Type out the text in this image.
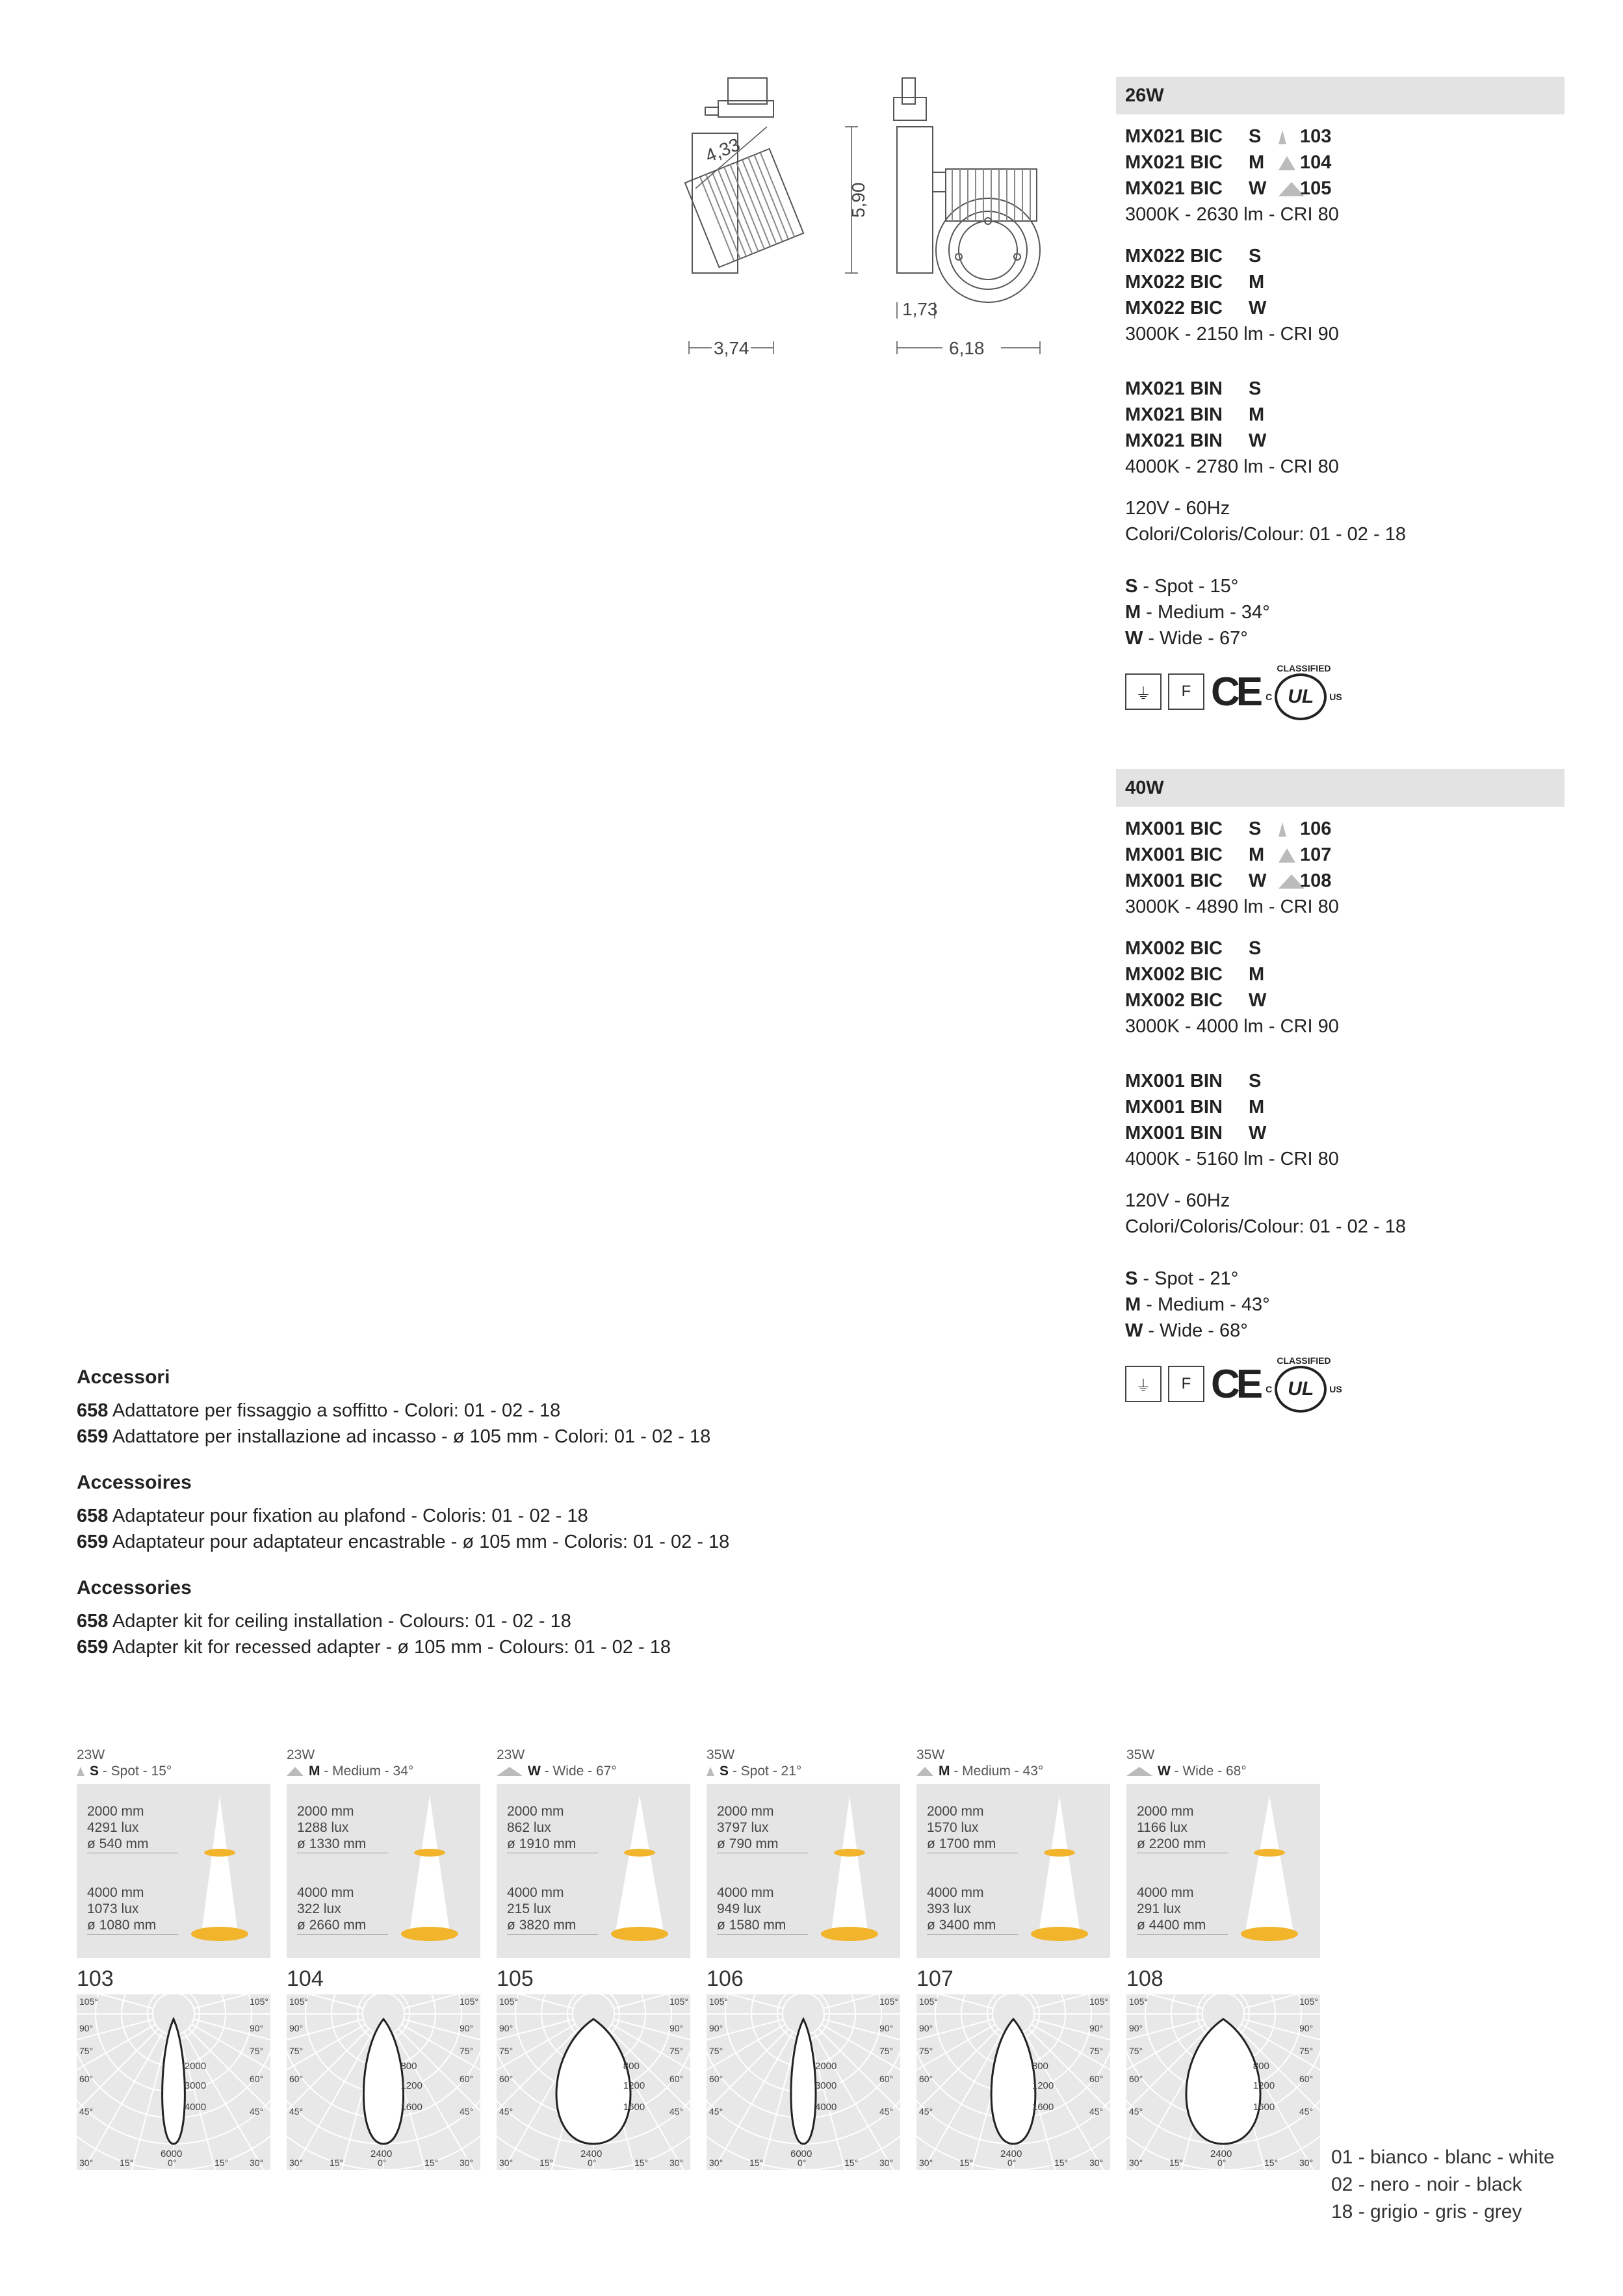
4,33
3,74
5,90
1,73
6,18
26W
MX021 BIC S 103
MX021 BIC M 104
MX021 BIC W 105
3000K - 2630 lm - CRI 80
MX022 BIC S
MX022 BIC M
MX022 BIC W
3000K - 2150 lm - CRI 90
MX021 BIN S
MX021 BIN M
MX021 BIN W
4000K - 2780 lm - CRI 80
120V - 60Hz
Colori/Coloris/Colour: 01 - 02 - 18
S - Spot - 15°
M - Medium - 34°
W - Wide - 67°
⏚	F CE
CLASSIFIED
C UL	US
40W
MX001 BIC S 106
MX001 BIC M 107
MX001 BIC W 108
3000K - 4890 lm - CRI 80
MX002 BIC S
MX002 BIC M
MX002 BIC W
3000K - 4000 lm - CRI 90
MX001 BIN S
MX001 BIN M
MX001 BIN W
4000K - 5160 lm - CRI 80
120V - 60Hz
Colori/Coloris/Colour: 01 - 02 - 18
S - Spot - 21°
M - Medium - 43°
W - Wide - 68°
⏚	F CE
CLASSIFIED
C UL	US
Accessori
658 Adattatore per fissaggio a soffitto - Colori: 01 - 02 - 18
659 Adattatore per installazione ad incasso - ø 105 mm - Colori: 01 - 02 - 18
Accessoires
658 Adaptateur pour fixation au plafond - Coloris: 01 - 02 - 18
659 Adaptateur pour adaptateur encastrable - ø 105 mm - Coloris: 01 - 02 - 18
Accessories
658 Adapter kit for ceiling installation - Colours: 01 - 02 - 18
659 Adapter kit for recessed adapter - ø 105 mm - Colours: 01 - 02 - 18
23W
S - Spot - 15°
2000 mm
4291 lux
ø 540 mm
4000 mm
1073 lux
ø 1080 mm
103
2000
3000
4000
6000
105°
90°
75°
60°
45°
30°	15°	0°
105°
90°
75°
60°
45°
30°
15°
23W
M - Medium - 34°
2000 mm
1288 lux
ø 1330 mm
4000 mm
322 lux
ø 2660 mm
104
800
1200
1600
2400
105°
90°
75°
60°
45°
30°	15°	0°
105°
90°
75°
60°
45°
30°
15°
23W
W - Wide - 67°
2000 mm
862 lux
ø 1910 mm
4000 mm
215 lux
ø 3820 mm
105
800
1200
1600
2400
105°
90°
75°
60°
45°
30°	15°	0°
105°
90°
75°
60°
45°
30°
15°
35W
S - Spot - 21°
2000 mm
3797 lux
ø 790 mm
4000 mm
949 lux
ø 1580 mm
106
2000
3000
4000
6000
105°
90°
75°
60°
45°
30°	15°	0°
105°
90°
75°
60°
45°
30°
15°
35W
M - Medium - 43°
2000 mm
1570 lux
ø 1700 mm
4000 mm
393 lux
ø 3400 mm
107
800
1200
1600
2400
105°
90°
75°
60°
45°
30°	15°	0°
105°
90°
75°
60°
45°
30°
15°
35W
W - Wide - 68°
2000 mm
1166 lux
ø 2200 mm
4000 mm
291 lux
ø 4400 mm
108
800
1200
1600
2400
105°
90°
75°
60°
45°
30°	15°	0°
105°
90°
75°
60°
45°
30°
15°	01 - bianco - blanc - white
02 - nero - noir - black
18 - grigio - gris - grey
